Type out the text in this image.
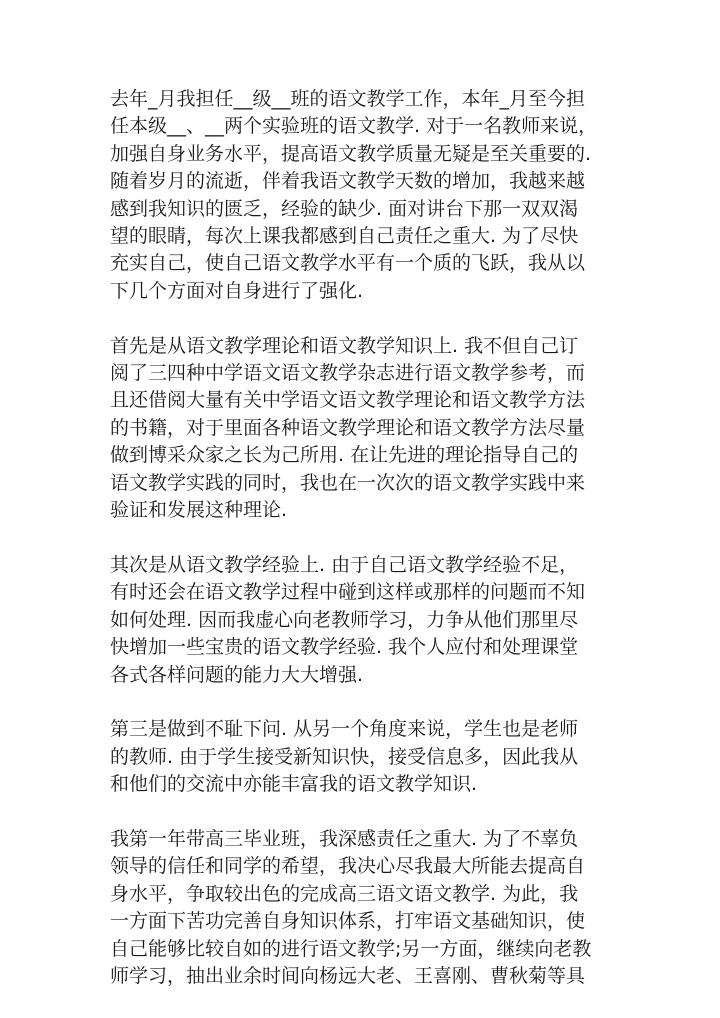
去年_月我担任__级__班的语文教学工作，本年_月至今担
任本级__、__两个实验班的语文教学. 对于一名教师来说，
加强自身业务水平，提高语文教学质量无疑是至关重要的.
随着岁月的流逝，伴着我语文教学天数的增加，我越来越
感到我知识的匮乏，经验的缺少. 面对讲台下那一双双渴
望的眼睛，每次上课我都感到自己责任之重大. 为了尽快
充实自己，使自己语文教学水平有一个质的飞跃，我从以
下几个方面对自身进行了强化.
首先是从语文教学理论和语文教学知识上. 我不但自己订
阅了三四种中学语文语文教学杂志进行语文教学参考，而
且还借阅大量有关中学语文语文教学理论和语文教学方法
的书籍，对于里面各种语文教学理论和语文教学方法尽量
做到博采众家之长为己所用. 在让先进的理论指导自己的
语文教学实践的同时，我也在一次次的语文教学实践中来
验证和发展这种理论.
其次是从语文教学经验上. 由于自己语文教学经验不足，
有时还会在语文教学过程中碰到这样或那样的问题而不知
如何处理. 因而我虚心向老教师学习，力争从他们那里尽
快增加一些宝贵的语文教学经验. 我个人应付和处理课堂
各式各样问题的能力大大增强.
第三是做到不耻下问. 从另一个角度来说，学生也是老师
的教师. 由于学生接受新知识快，接受信息多，因此我从
和他们的交流中亦能丰富我的语文教学知识.
我第一年带高三毕业班，我深感责任之重大. 为了不辜负
领导的信任和同学的希望，我决心尽我最大所能去提高自
身水平，争取较出色的完成高三语文语文教学. 为此，我
一方面下苦功完善自身知识体系，打牢语文基础知识，使
自己能够比较自如的进行语文教学;另一方面，继续向老教
师学习，抽出业余时间向杨远大老、王喜刚、曹秋菊等具
